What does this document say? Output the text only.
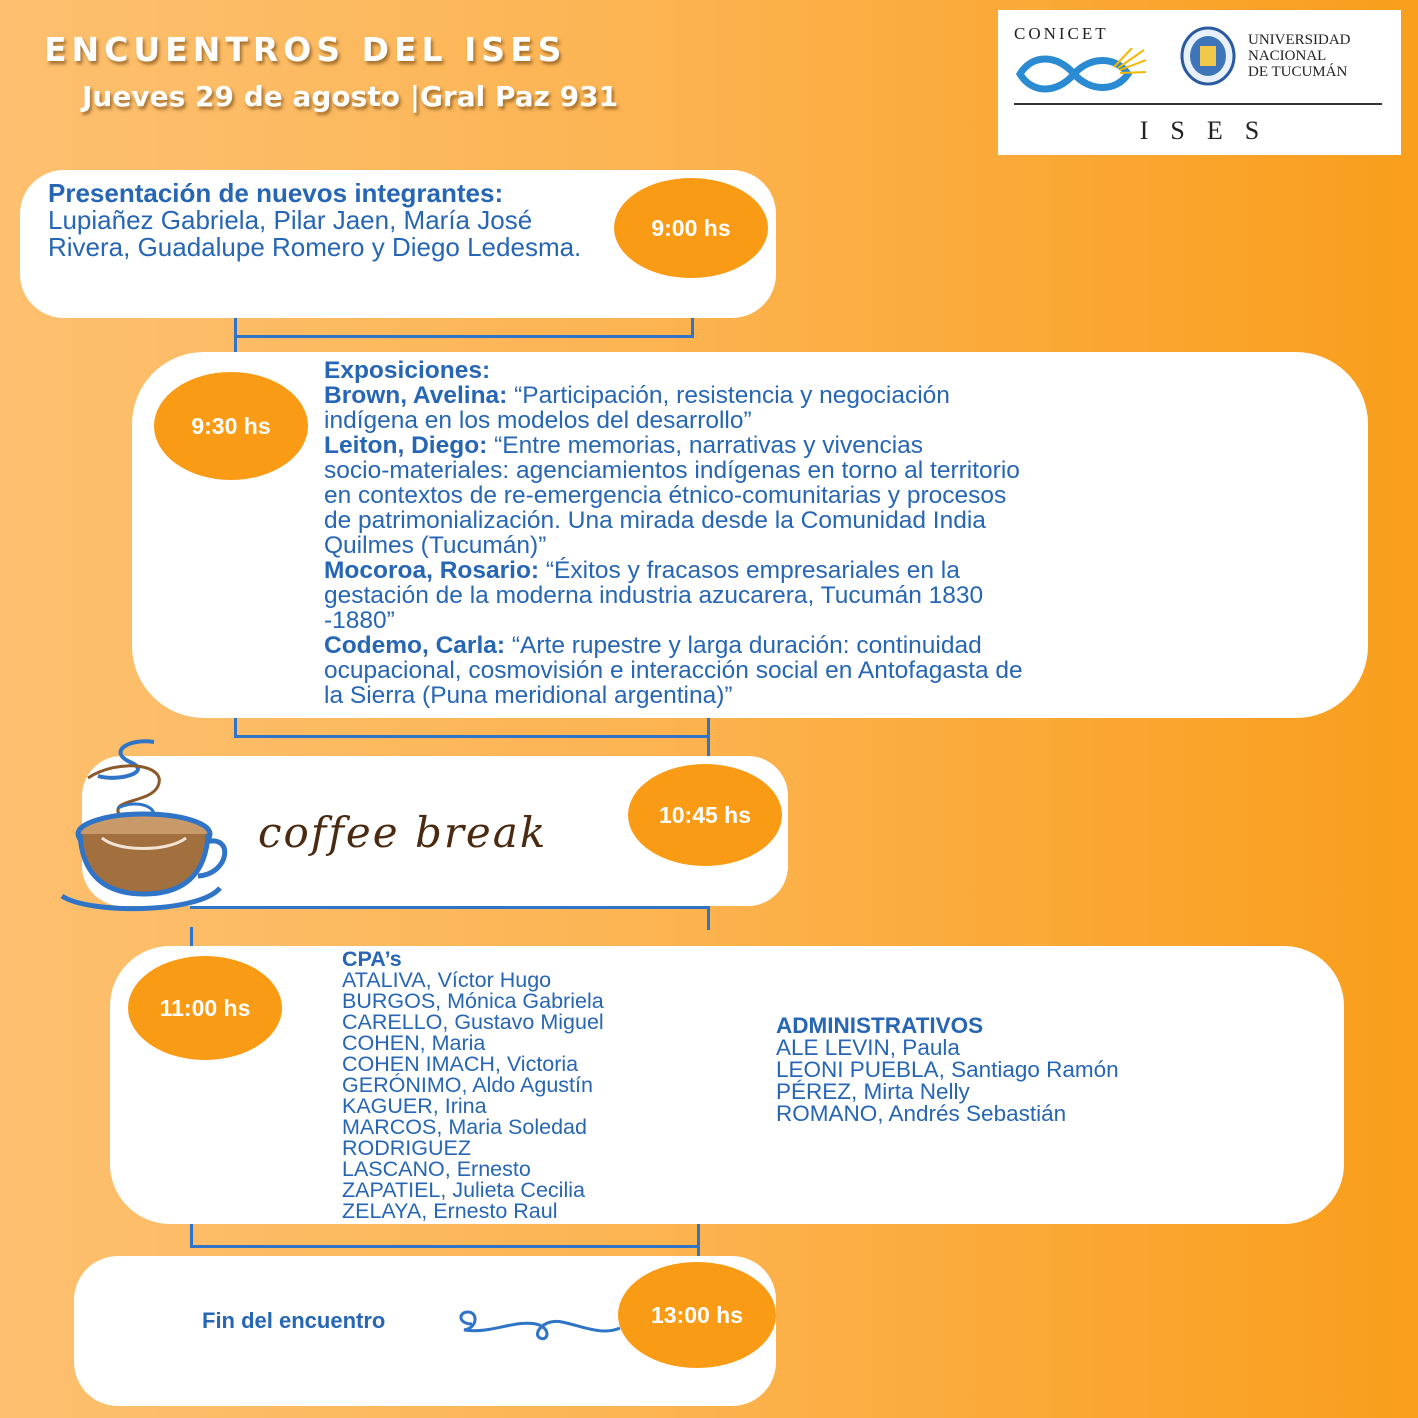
ENCUENTROS DEL ISES
Jueves 29 de agosto |Gral Paz 931
CONICET	UNIVERSIDAD
NACIONAL
DE TUCUMÁN
ISES

Presentación de nuevos integrantes: Lupiañez Gabriela, Pilar Jaen, María José Rivera, Guadalupe Romero y Diego Ledesma.

9:00 hs
Exposiciones:
Brown, Avelina: “Participación, resistencia y negociación
indígena en los modelos del desarrollo”
Leiton, Diego: “Entre memorias, narrativas y vivencias
socio-materiales: agenciamientos indígenas en torno al territorio
en contextos de re-emergencia étnico-comunitarias y procesos
de patrimonialización. Una mirada desde la Comunidad India
Quilmes (Tucumán)”
Mocoroa, Rosario: “Éxitos y fracasos empresariales en la
gestación de la moderna industria azucarera, Tucumán 1830
-1880”
Codemo, Carla: “Arte rupestre y larga duración: continuidad
ocupacional, cosmovisión e interacción social en Antofagasta de
la Sierra (Puna meridional argentina)”
9:30 hs
coffee break	10:45 hs
11:00 hs
CPA’s
ATALIVA, Víctor Hugo
BURGOS, Mónica Gabriela
CARELLO, Gustavo Miguel
COHEN, Maria
COHEN IMACH, Victoria
GERÓNIMO, Aldo Agustín
KAGUER, Irina
MARCOS, Maria Soledad
RODRIGUEZ
LASCANO, Ernesto
ZAPATIEL, Julieta Cecilia
ZELAYA, Ernesto Raul
ADMINISTRATIVOS
ALE LEVIN, Paula
LEONI PUEBLA, Santiago Ramón
PÉREZ, Mirta Nelly
ROMANO, Andrés Sebastián
Fin del encuentro	13:00 hs
